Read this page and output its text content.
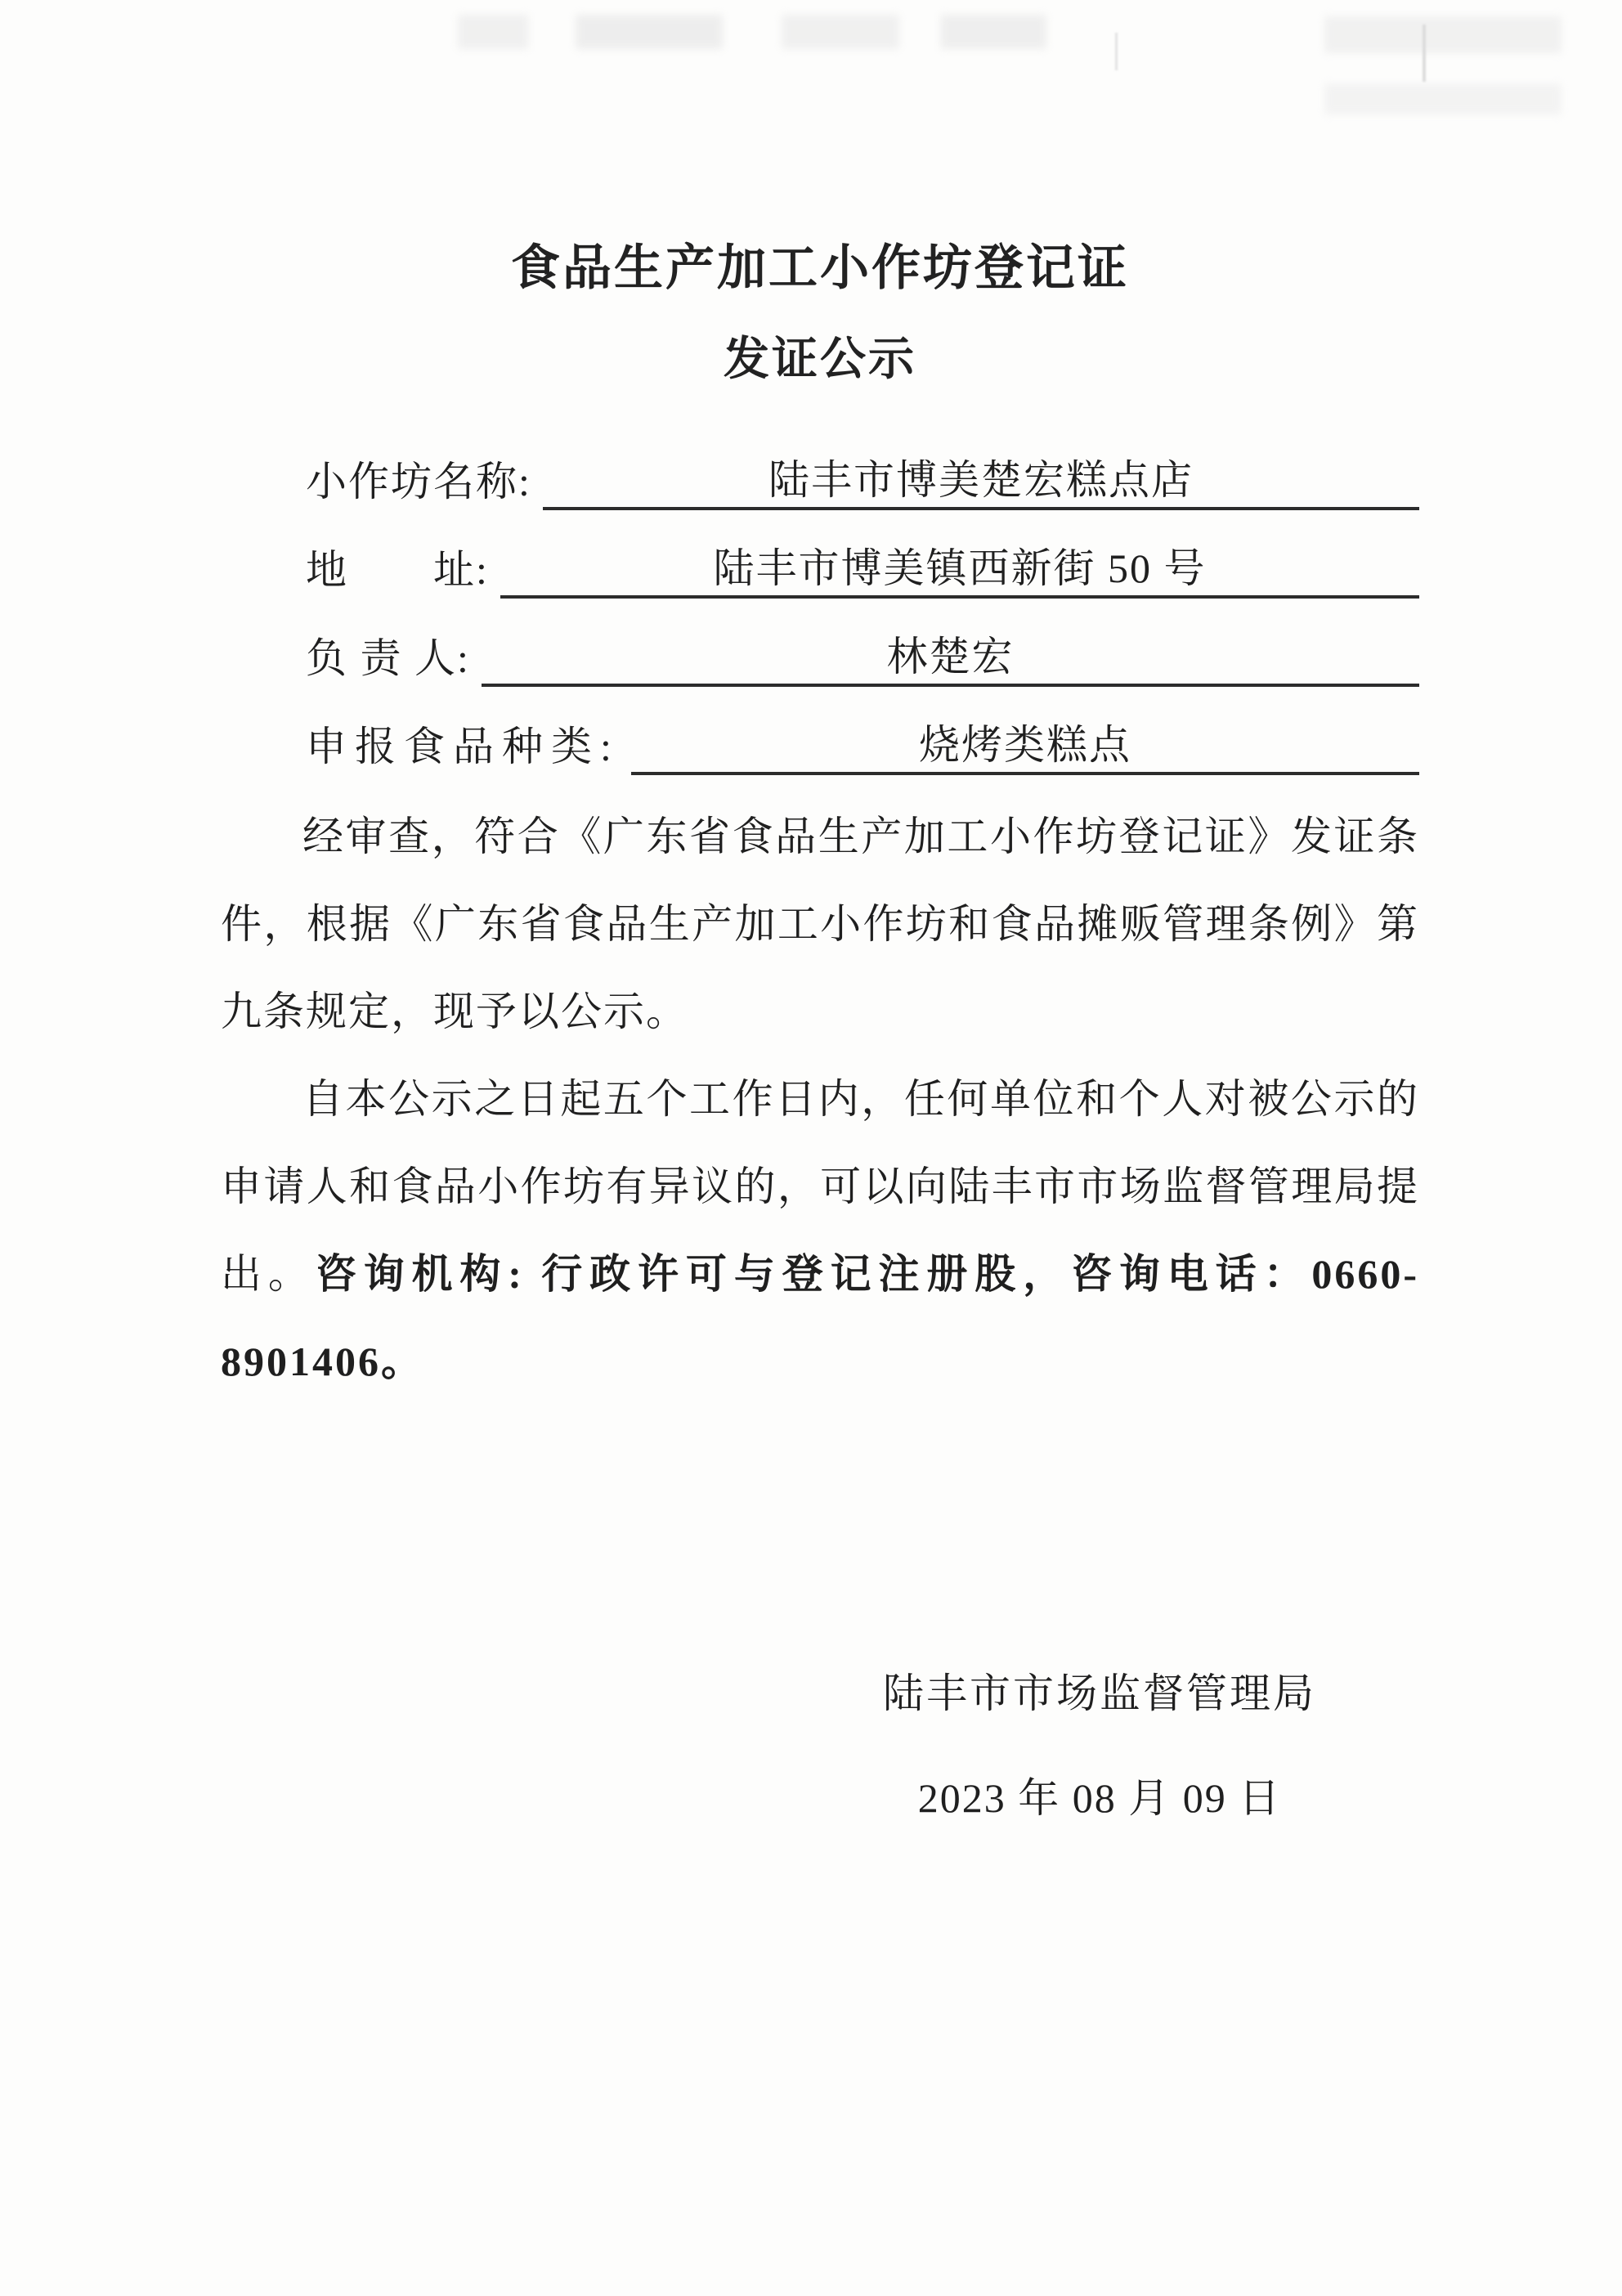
食品生产加工小作坊登记证
发证公示
小作坊名称:	陆丰市博美楚宏糕点店
地　　址:	陆丰市博美镇西新街 50 号
负 责 人:	林楚宏
申报食品种类:	烧烤类糕点

经审查，符合《广东省食品生产加工小作坊登记证》发证条件，根据《广东省食品生产加工小作坊和食品摊贩管理条例》第九条规定，现予以公示。

自本公示之日起五个工作日内，任何单位和个人对被公示的申请人和食品小作坊有异议的，可以向陆丰市市场监督管理局提出。咨询机构: 行政许可与登记注册股，咨询电话：0660-8901406。

陆丰市市场监督管理局
2023 年 08 月 09 日
